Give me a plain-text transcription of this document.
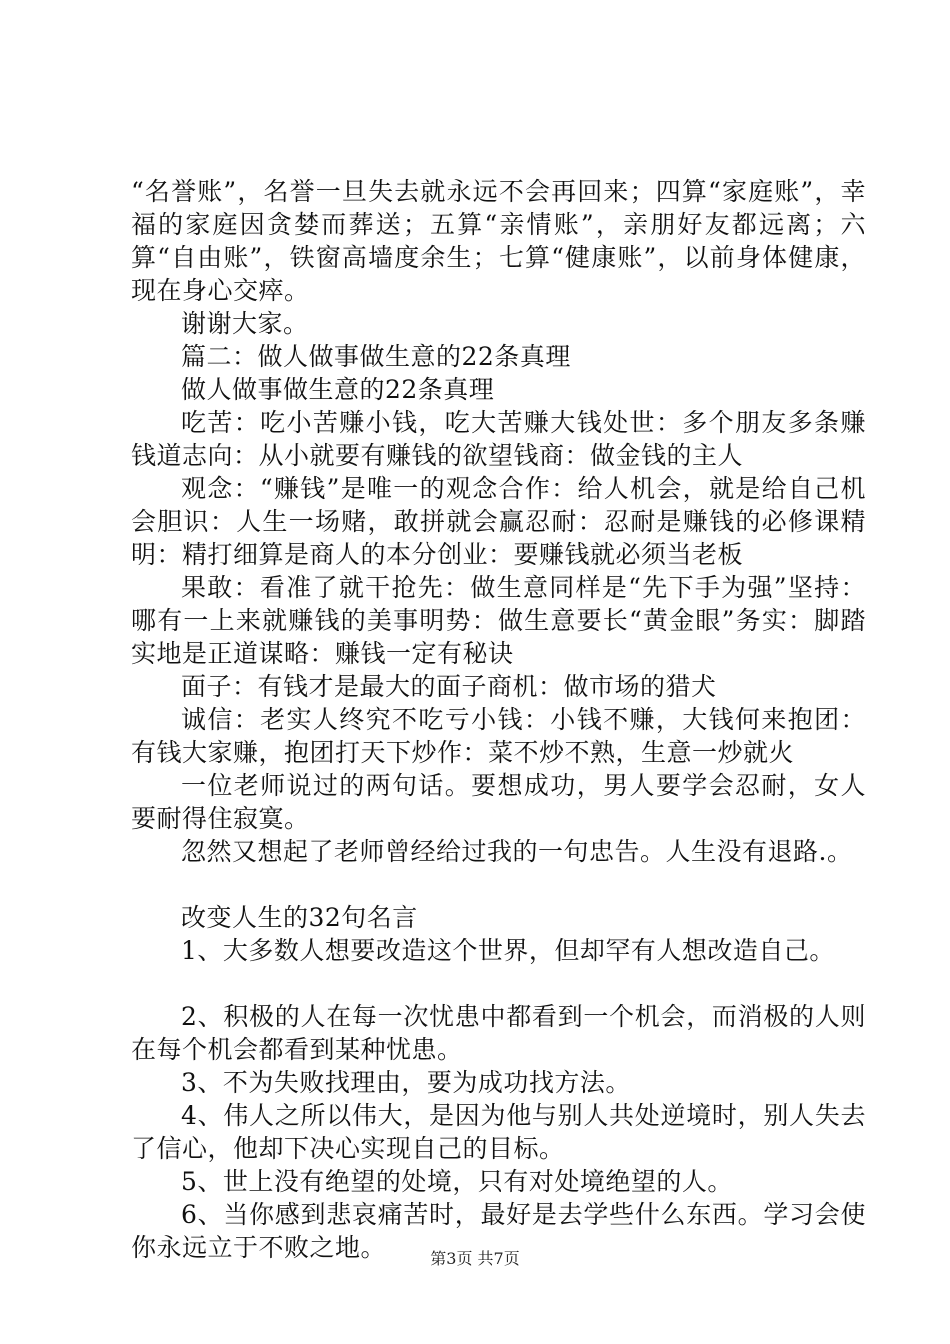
“名誉账”，名誉一旦失去就永远不会再回来；四算“家庭账”，幸福的家庭因贪婪而葬送；五算“亲情账”，亲朋好友都远离；六算“自由账”，铁窗高墙度余生；七算“健康账”，以前身体健康，现在身心交瘁。

谢谢大家。

篇二：做人做事做生意的22条真理

做人做事做生意的22条真理

吃苦：吃小苦赚小钱，吃大苦赚大钱处世：多个朋友多条赚钱道志向：从小就要有赚钱的欲望钱商：做金钱的主人

观念：“赚钱”是唯一的观念合作：给人机会，就是给自己机会胆识：人生一场赌，敢拼就会赢忍耐：忍耐是赚钱的必修课精明：精打细算是商人的本分创业：要赚钱就必须当老板

果敢：看准了就干抢先：做生意同样是“先下手为强”坚持：哪有一上来就赚钱的美事明势：做生意要长“黄金眼”务实：脚踏实地是正道谋略：赚钱一定有秘诀

面子：有钱才是最大的面子商机：做市场的猎犬

诚信：老实人终究不吃亏小钱：小钱不赚，大钱何来抱团：有钱大家赚，抱团打天下炒作：菜不炒不熟，生意一炒就火

一位老师说过的两句话。要想成功，男人要学会忍耐，女人要耐得住寂寞。

忽然又想起了老师曾经给过我的一句忠告。人生没有退路.。

改变人生的32句名言

1、大多数人想要改造这个世界，但却罕有人想改造自己。

2、积极的人在每一次忧患中都看到一个机会，而消极的人则在每个机会都看到某种忧患。

3、不为失败找理由，要为成功找方法。

4、伟人之所以伟大，是因为他与别人共处逆境时，别人失去了信心，他却下决心实现自己的目标。

5、世上没有绝望的处境，只有对处境绝望的人。

6、当你感到悲哀痛苦时，最好是去学些什么东西。学习会使你永远立于不败之地。	第3页 共7页
